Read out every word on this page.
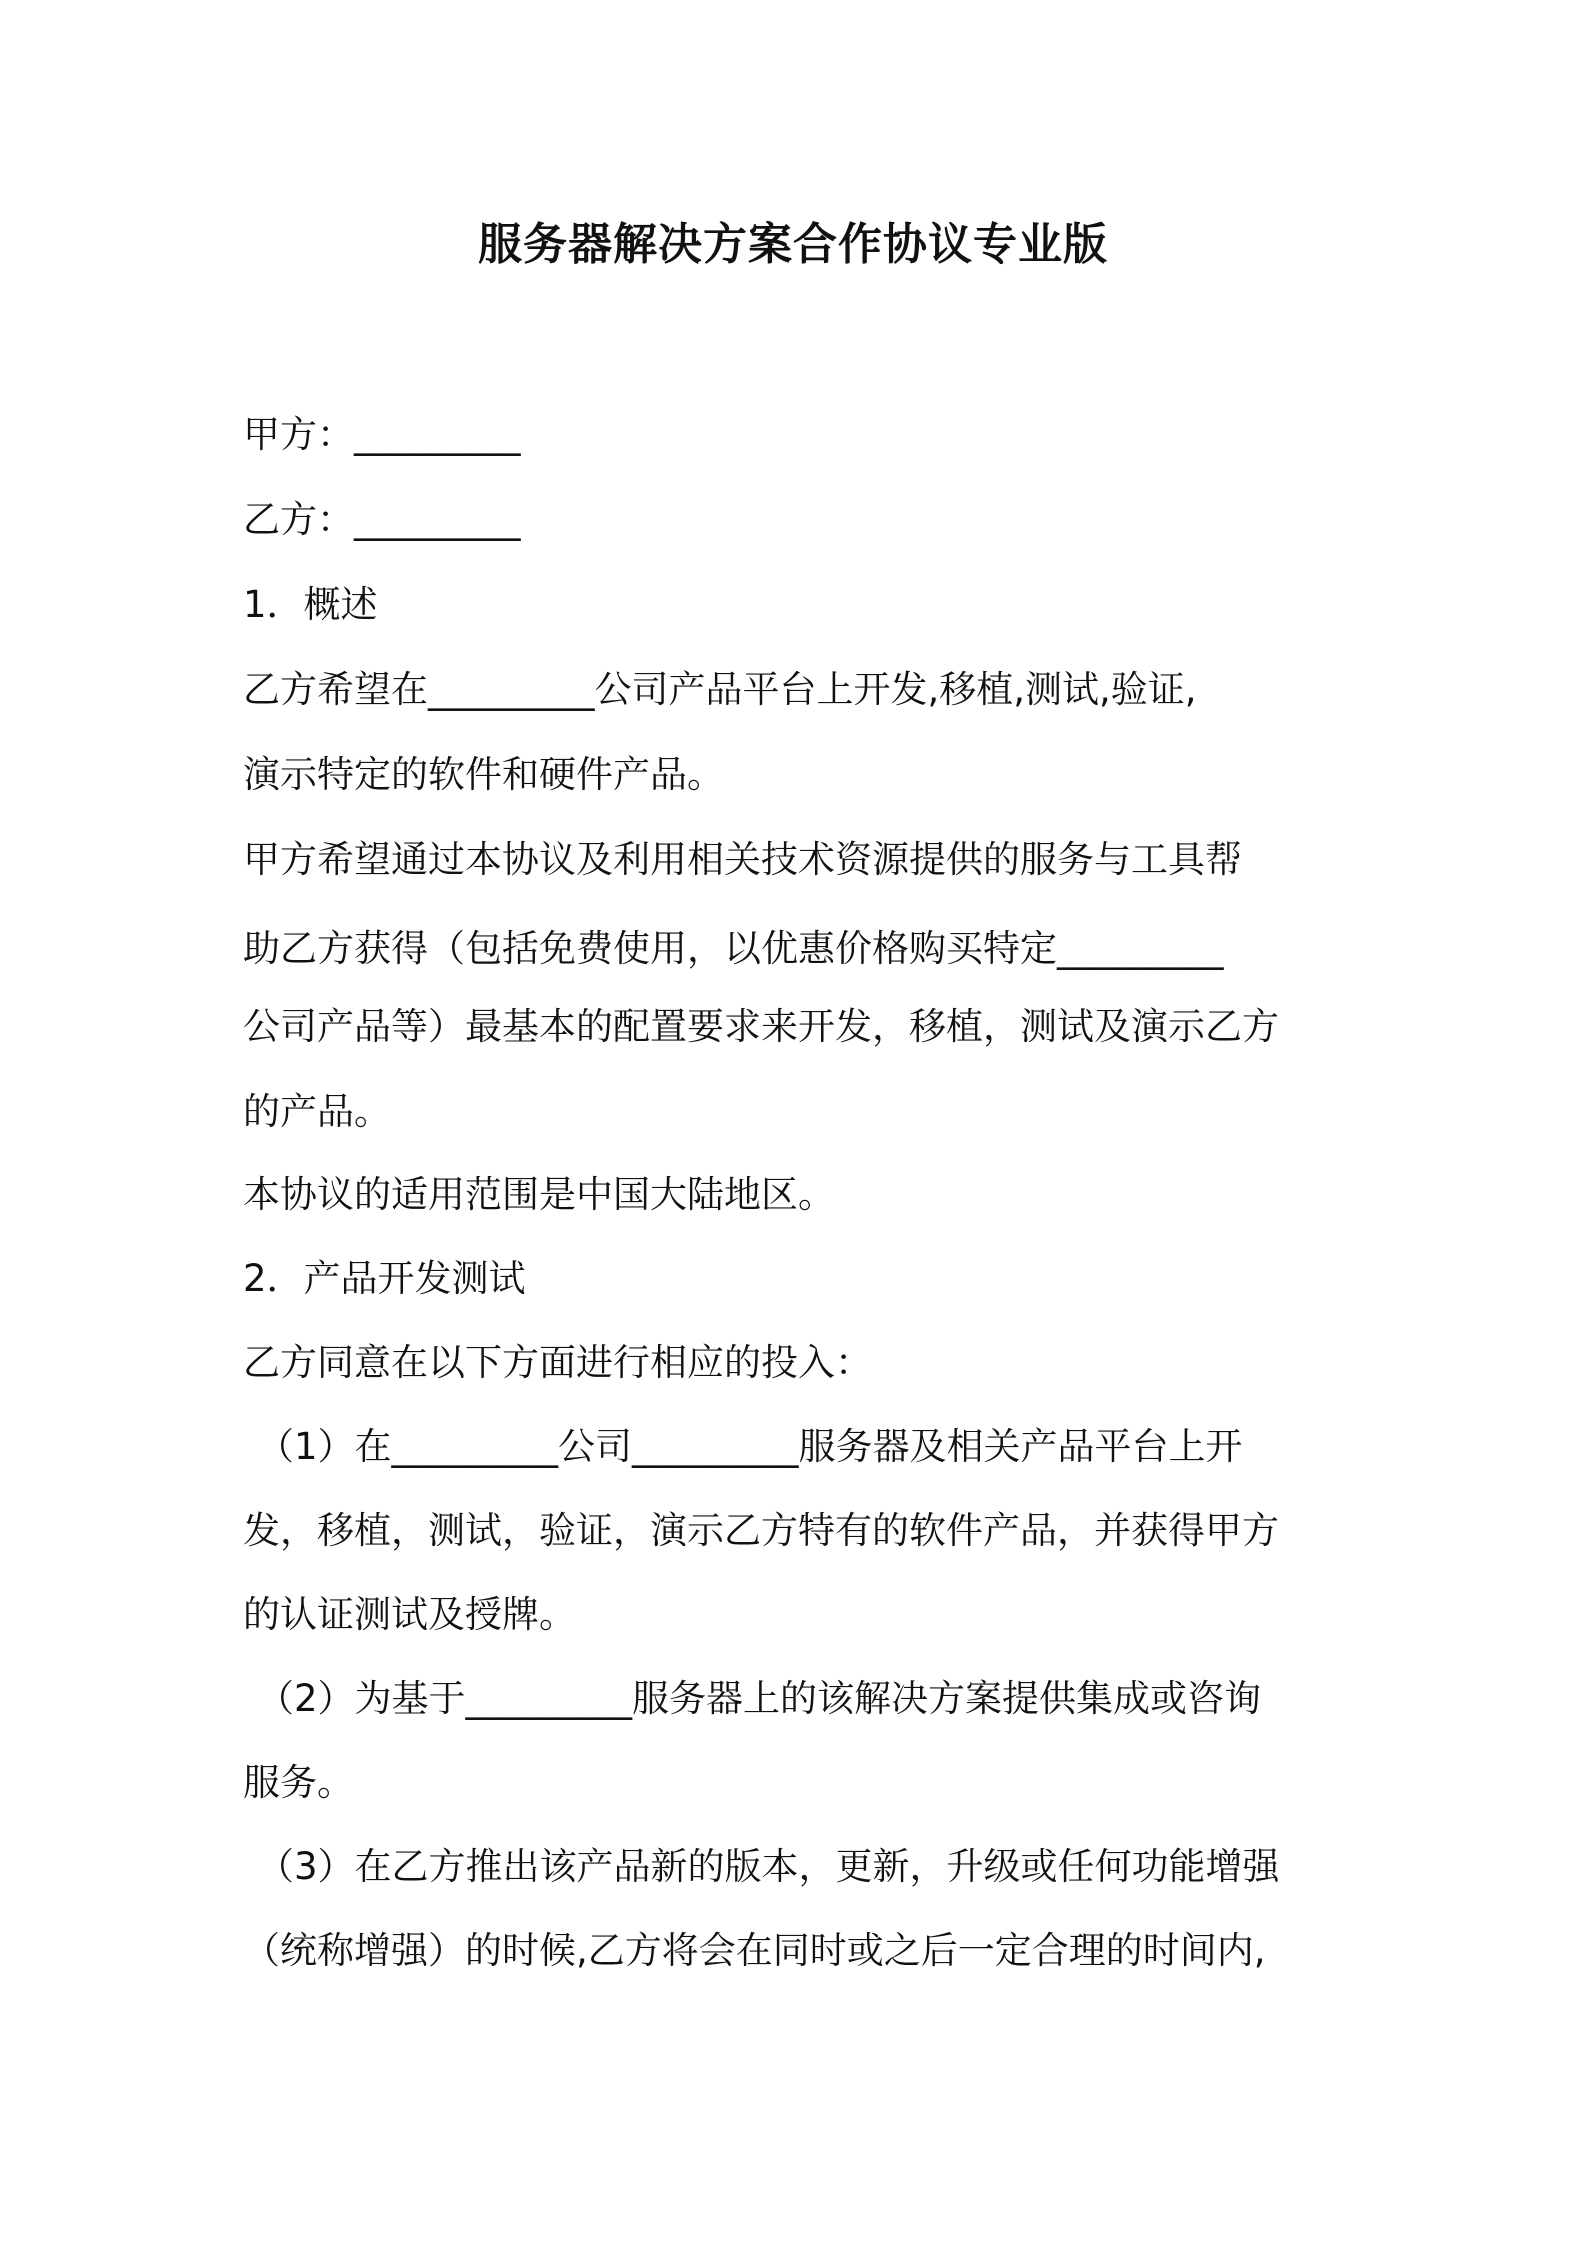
服务器解决方案合作协议专业版
甲方：_________
乙方：_________
1．概述
乙方希望在_________公司产品平台上开发,移植,测试,验证,
演示特定的软件和硬件产品。
甲方希望通过本协议及利用相关技术资源提供的服务与工具帮
助乙方获得（包括免费使用，以优惠价格购买特定_________
公司产品等）最基本的配置要求来开发，移植，测试及演示乙方
的产品。
本协议的适用范围是中国大陆地区。
2．产品开发测试
乙方同意在以下方面进行相应的投入：
（1）在_________公司_________服务器及相关产品平台上开
发，移植，测试，验证，演示乙方特有的软件产品，并获得甲方
的认证测试及授牌。
（2）为基于_________服务器上的该解决方案提供集成或咨询
服务。
（3）在乙方推出该产品新的版本，更新，升级或任何功能增强
（统称增强）的时候,乙方将会在同时或之后一定合理的时间内,
